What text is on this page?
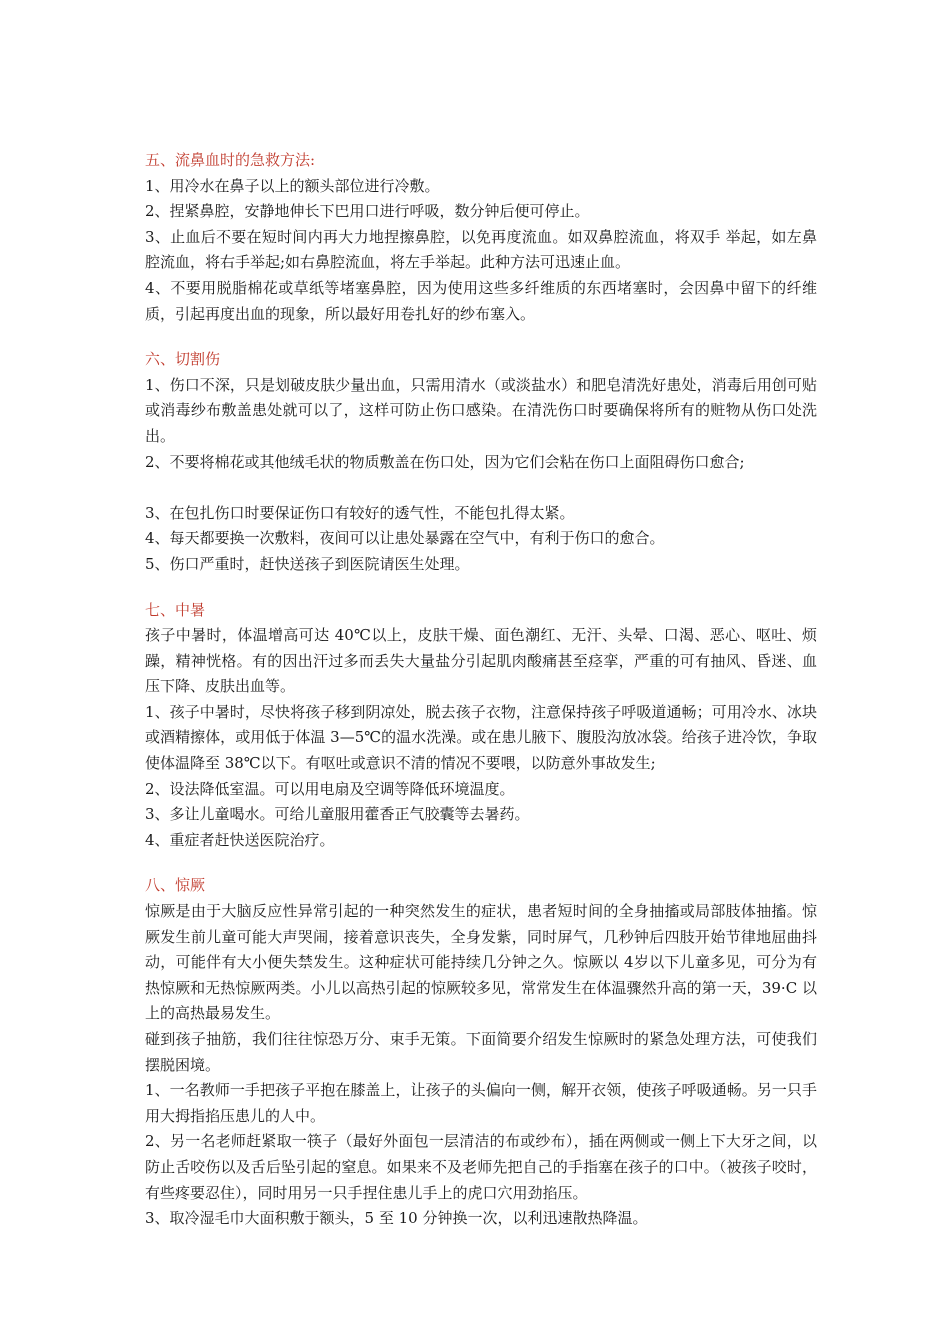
五、流鼻血时的急救方法:

1、用冷水在鼻子以上的额头部位进行冷敷。

2、捏紧鼻腔，安静地伸长下巴用口进行呼吸，数分钟后便可停止。

3、止血后不要在短时间内再大力地捏擦鼻腔，以免再度流血。如双鼻腔流血，将双手 举起，如左鼻腔流血，将右手举起;如右鼻腔流血，将左手举起。此种方法可迅速止血。

4、不要用脱脂棉花或草纸等堵塞鼻腔，因为使用这些多纤维质的东西堵塞时，会因鼻中留下的纤维质，引起再度出血的现象，所以最好用卷扎好的纱布塞入。

六、切割伤

1、伤口不深，只是划破皮肤少量出血，只需用清水（或淡盐水）和肥皂清洗好患处，消毒后用创可贴或消毒纱布敷盖患处就可以了，这样可防止伤口感染。在清洗伤口时要确保将所有的赃物从伤口处洗出。

2、不要将棉花或其他绒毛状的物质敷盖在伤口处，因为它们会粘在伤口上面阻碍伤口愈合;

3、在包扎伤口时要保证伤口有较好的透气性，不能包扎得太紧。

4、每天都要换一次敷料，夜间可以让患处暴露在空气中，有利于伤口的愈合。

5、伤口严重时，赶快送孩子到医院请医生处理。

七、中暑

孩子中暑时，体温增高可达 40℃以上，皮肤干燥、面色潮红、无汗、头晕、口渴、恶心、呕吐、烦躁，精神恍格。有的因出汗过多而丢失大量盐分引起肌肉酸痛甚至痉挛，严重的可有抽风、昏迷、血压下降、皮肤出血等。

1、孩子中暑时，尽快将孩子移到阴凉处，脱去孩子衣物，注意保持孩子呼吸道通畅；可用冷水、冰块或酒精擦体，或用低于体温 3—5℃的温水洗澡。或在患儿腋下、腹股沟放冰袋。给孩子进冷饮，争取使体温降至 38℃以下。有呕吐或意识不清的情况不要喂，以防意外事故发生;

2、设法降低室温。可以用电扇及空调等降低环境温度。

3、多让儿童喝水。可给儿童服用藿香正气胶囊等去暑药。

4、重症者赶快送医院治疗。

八、惊厥

惊厥是由于大脑反应性异常引起的一种突然发生的症状，患者短时间的全身抽搐或局部肢体抽搐。惊厥发生前儿童可能大声哭闹，接着意识丧失，全身发紫，同时屏气，几秒钟后四肢开始节律地屈曲抖动，可能伴有大小便失禁发生。这种症状可能持续几分钟之久。惊厥以 4岁以下儿童多见，可分为有热惊厥和无热惊厥两类。小儿以高热引起的惊厥较多见，常常发生在体温骤然升高的第一天，39·C 以上的高热最易发生。

碰到孩子抽筋，我们往往惊恐万分、束手无策。下面简要介绍发生惊厥时的紧急处理方法，可使我们摆脱困境。

1、一名教师一手把孩子平抱在膝盖上，让孩子的头偏向一侧，解开衣领，使孩子呼吸通畅。另一只手用大拇指掐压患儿的人中。

2、另一名老师赶紧取一筷子（最好外面包一层清洁的布或纱布），插在两侧或一侧上下大牙之间，以防止舌咬伤以及舌后坠引起的窒息。如果来不及老师先把自己的手指塞在孩子的口中。（被孩子咬时，有些疼要忍住），同时用另一只手捏住患儿手上的虎口穴用劲掐压。

3、取冷湿毛巾大面积敷于额头，5 至 10 分钟换一次，以利迅速散热降温。
